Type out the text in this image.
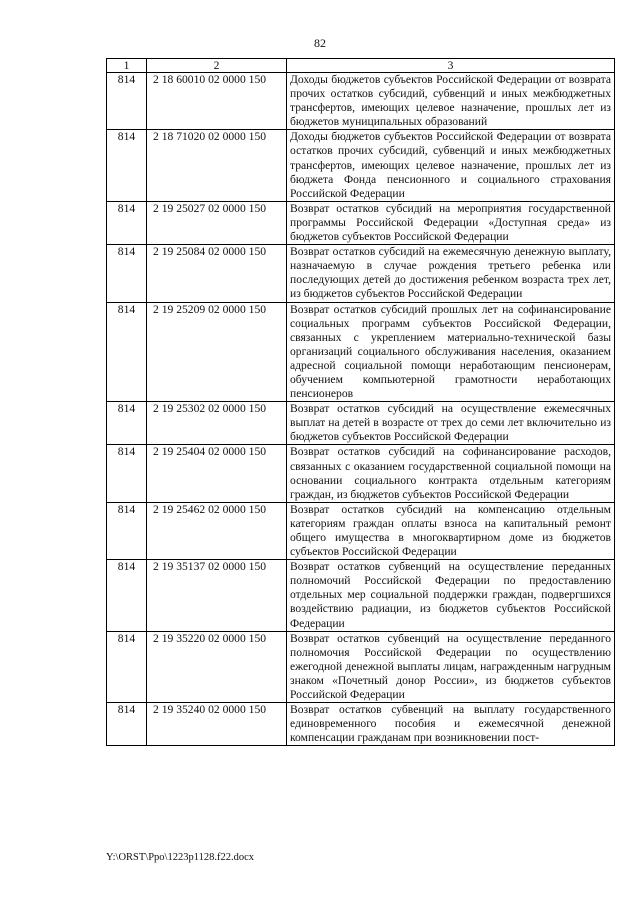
82
1	2	3
814	2 18 60010 02 0000 150	Доходы бюджетов субъектов Российской Федерации от возврата прочих остатков субсидий, субвенций и иных межбюджетных трансфертов, имеющих целевое назначение, прошлых лет из бюджетов муниципальных образований
814	2 18 71020 02 0000 150	Доходы бюджетов субъектов Российской Федерации от возврата остатков прочих субсидий, субвенций и иных межбюджетных трансфертов, имеющих целевое назначение, прошлых лет из бюджета Фонда пенсионного и социального страхования Российской Федерации
814	2 19 25027 02 0000 150	Возврат остатков субсидий на мероприятия государственной программы Российской Федерации «Доступная среда» из бюджетов субъектов Российской Федерации
814	2 19 25084 02 0000 150	Возврат остатков субсидий на ежемесячную денежную выплату, назначаемую в случае рождения третьего ребенка или последующих детей до достижения ребенком возраста трех лет, из бюджетов субъектов Российской Федерации
814	2 19 25209 02 0000 150	Возврат остатков субсидий прошлых лет на софинансирование социальных программ субъектов Российской Федерации, связанных с укреплением материально-технической базы организаций социального обслуживания населения, оказанием адресной социальной помощи неработающим пенсионерам, обучением компьютерной грамотности неработающих пенсионеров
814	2 19 25302 02 0000 150	Возврат остатков субсидий на осуществление ежемесячных выплат на детей в возрасте от трех до семи лет включительно из бюджетов субъектов Российской Федерации
814	2 19 25404 02 0000 150	Возврат остатков субсидий на софинансирование расходов, связанных с оказанием государственной социальной помощи на основании социального контракта отдельным категориям граждан, из бюджетов субъектов Российской Федерации
814	2 19 25462 02 0000 150	Возврат остатков субсидий на компенсацию отдельным категориям граждан оплаты взноса на капитальный ремонт общего имущества в многоквартирном доме из бюджетов субъектов Российской Федерации
814	2 19 35137 02 0000 150	Возврат остатков субвенций на осуществление переданных полномочий Российской Федерации по предоставлению отдельных мер социальной поддержки граждан, подвергшихся воздействию радиации, из бюджетов субъектов Российской Федерации
814	2 19 35220 02 0000 150	Возврат остатков субвенций на осуществление переданного полномочия Российской Федерации по осуществлению ежегодной денежной выплаты лицам, награжденным нагрудным знаком «Почетный донор России», из бюджетов субъектов Российской Федерации
814	2 19 35240 02 0000 150	Возврат остатков субвенций на выплату государственного единовременного пособия и ежемесячной денежной компенсации гражданам при возникновении пост-
Y:\ORST\Ppo\1223p1128.f22.docx
